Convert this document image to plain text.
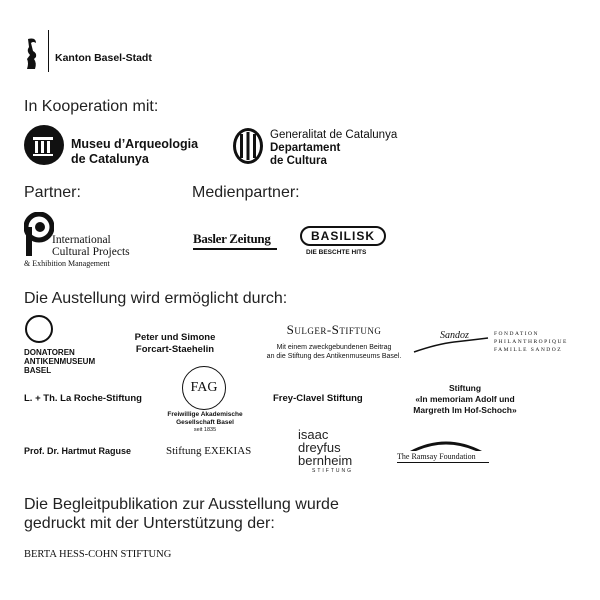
Kanton Basel-Stadt
In Kooperation mit:
Museu d’Arqueologia
de Catalunya
Generalitat de Catalunya
Departament
de Cultura
Partner:	Medienpartner:
International
Cultural Projects
& Exhibition Management
Basler Zeitung	BASILISK
DIE BESCHTE HITS
Die Austellung wird ermöglicht durch:
DONATOREN
ANTIKENMUSEUM
BASEL
Peter und Simone
Forcart-Staehelin
Sulger-Stiftung
Mit einem zweckgebundenen Beitrag
an die Stiftung des Antikenmuseums Basel.
Sandoz	FONDATION
PHILANTHROPIQUE
FAMILLE SANDOZ
L. + Th. La Roche-Stiftung
FAG
Freiwillige Akademische
Gesellschaft Basel
seit 1835
Frey-Clavel Stiftung
Stiftung
«In memoriam Adolf und
Margreth Im Hof-Schoch»
Prof. Dr. Hartmut Raguse	Stiftung EXEKIAS
isaac
dreyfus
bernheim
STIFTUNG
The Ramsay Foundation
Die Begleitpublikation zur Ausstellung wurde
gedruckt mit der Unterstützung der:
BERTA HESS-COHN STIFTUNG
